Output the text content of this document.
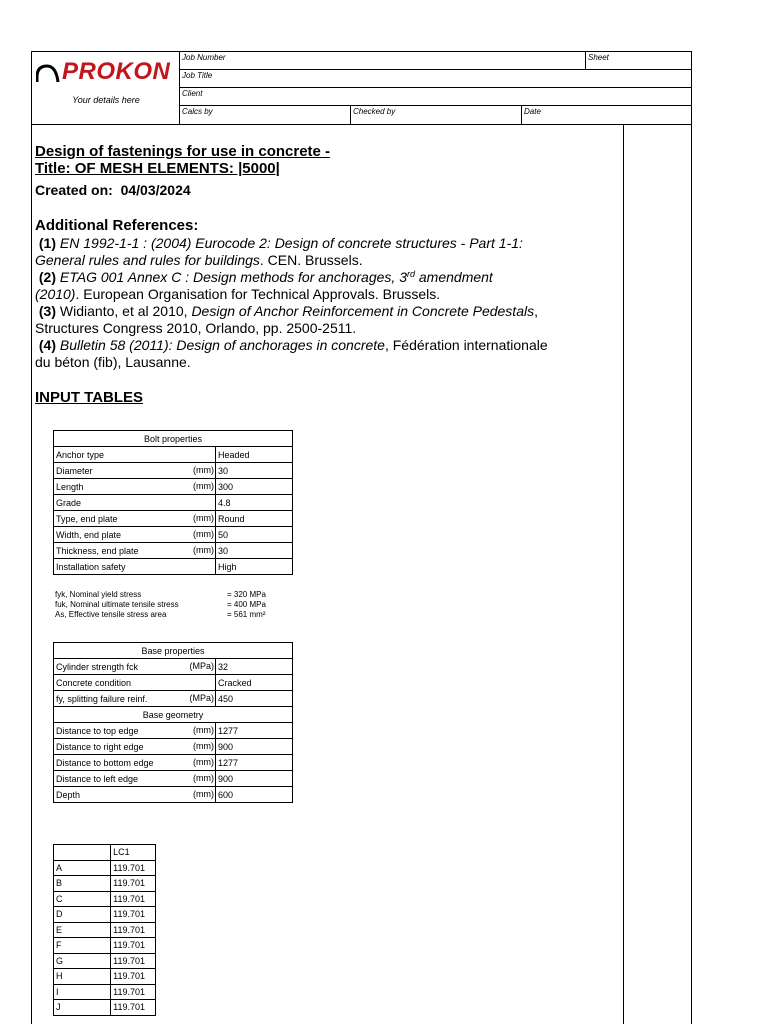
PROKON
Your details here
Job Number	Sheet
Job Title
Client
Calcs by	Checked by	Date
Design of fastenings for use in concrete -
Title: OF MESH ELEMENTS: |5000|
Created on: 04/03/2024
Additional References:
(1) EN 1992-1-1 : (2004) Eurocode 2: Design of concrete structures - Part 1-1:
General rules and rules for buildings. CEN. Brussels.
(2) ETAG 001 Annex C : Design methods for anchorages, 3rd amendment
(2010). European Organisation for Technical Approvals. Brussels.
(3) Widianto, et al 2010, Design of Anchor Reinforcement in Concrete Pedestals,
Structures Congress 2010, Orlando, pp. 2500-2511.
(4) Bulletin 58 (2011): Design of anchorages in concrete, Fédération internationale
du béton (fib), Lausanne.
INPUT TABLES
Bolt properties	
Anchor type	Headed
Diameter (mm)	30
Length (mm)	300
Grade	4.8
Type, end plate (mm)	Round
Width, end plate (mm)	50
Thickness, end plate (mm)	30
Installation safety	High
fyk, Nominal yield stress	= 320 MPa
fuk, Nominal ultimate tensile stress	= 400 MPa
As, Effective tensile stress area	= 561 mm²
Base properties	
Cylinder strength fck (MPa)	32
Concrete condition	Cracked
fy, splitting failure reinf. (MPa)	450
Base geometry	
Distance to top edge (mm)	1277
Distance to right edge (mm)	900
Distance to bottom edge (mm)	1277
Distance to left edge (mm)	900
Depth (mm)	600
	LC1
A	119.701
B	119.701
C	119.701
D	119.701
E	119.701
F	119.701
G	119.701
H	119.701
I	119.701
J	119.701
